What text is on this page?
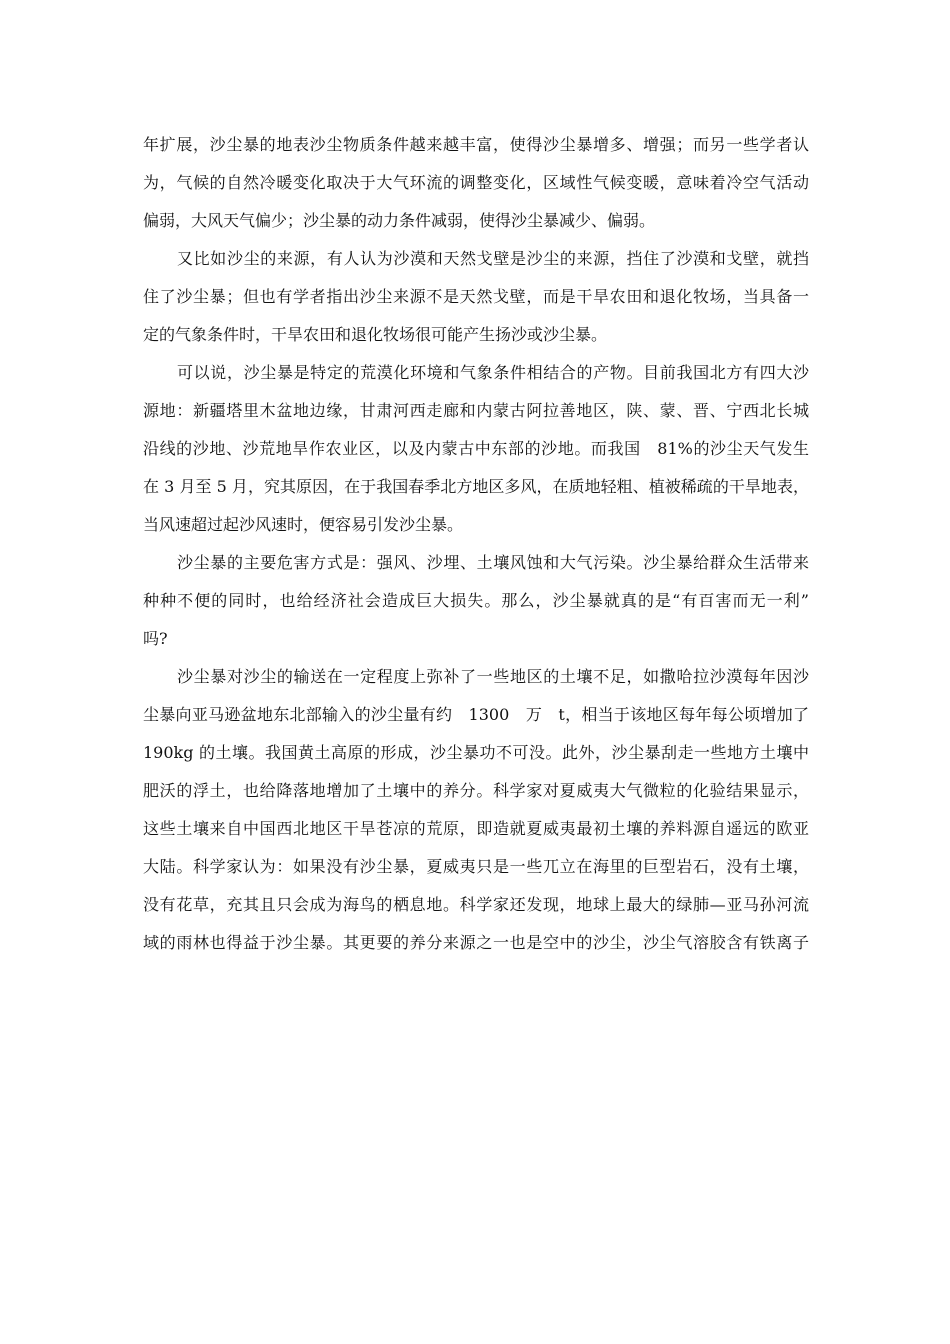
年扩展，沙尘暴的地表沙尘物质条件越来越丰富，使得沙尘暴增多、增强；而另一些学者认
为，气候的自然冷暖变化取决于大气环流的调整变化，区域性气候变暖，意味着冷空气活动
偏弱，大风天气偏少；沙尘暴的动力条件减弱，使得沙尘暴减少、偏弱。
又比如沙尘的来源，有人认为沙漠和天然戈壁是沙尘的来源，挡住了沙漠和戈壁，就挡
住了沙尘暴；但也有学者指出沙尘来源不是天然戈壁，而是干旱农田和退化牧场，当具备一
定的气象条件时，干旱农田和退化牧场很可能产生扬沙或沙尘暴。
可以说，沙尘暴是特定的荒漠化环境和气象条件相结合的产物。目前我国北方有四大沙
源地：新疆塔里木盆地边缘，甘肃河西走廊和内蒙古阿拉善地区，陕、蒙、晋、宁西北长城
沿线的沙地、沙荒地旱作农业区，以及内蒙古中东部的沙地。而我国　81%的沙尘天气发生
在 3 月至 5 月，究其原因，在于我国春季北方地区多风，在质地轻粗、植被稀疏的干旱地表，
当风速超过起沙风速时，便容易引发沙尘暴。
沙尘暴的主要危害方式是：强风、沙埋、土壤风蚀和大气污染。沙尘暴给群众生活带来
种种不便的同时，也给经济社会造成巨大损失。那么，沙尘暴就真的是“有百害而无一利”
吗?
沙尘暴对沙尘的输送在一定程度上弥补了一些地区的土壤不足，如撒哈拉沙漠每年因沙
尘暴向亚马逊盆地东北部输入的沙尘量有约　1300　万　t，相当于该地区每年每公顷增加了
190kg 的土壤。我国黄土高原的形成，沙尘暴功不可没。此外，沙尘暴刮走一些地方土壤中
肥沃的浮土，也给降落地增加了土壤中的养分。科学家对夏威夷大气微粒的化验结果显示，
这些土壤来自中国西北地区干旱苍凉的荒原，即造就夏威夷最初土壤的养料源自遥远的欧亚
大陆。科学家认为：如果没有沙尘暴，夏威夷只是一些兀立在海里的巨型岩石，没有土壤，
没有花草，充其且只会成为海鸟的栖息地。科学家还发现，地球上最大的绿肺—亚马孙河流
域的雨林也得益于沙尘暴。其更要的养分来源之一也是空中的沙尘，沙尘气溶胶含有铁离子
